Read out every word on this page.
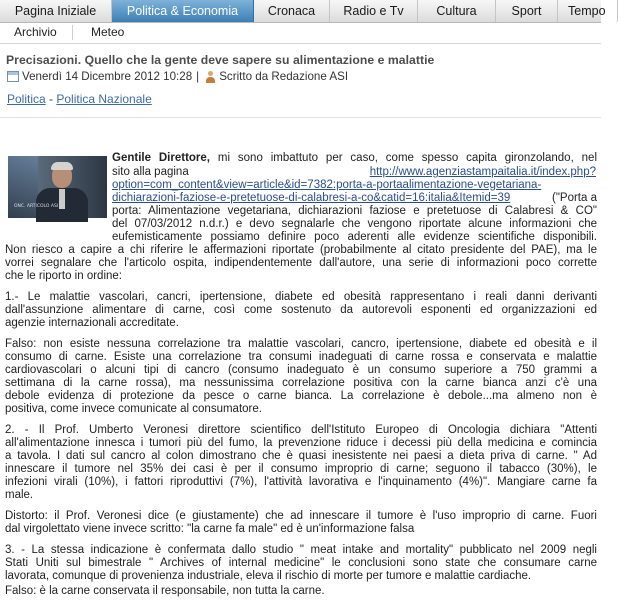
Pagina Iniziale	Politica & Economia	Cronaca	Radio e Tv	Cultura	Sport	Tempo
Archivio	Meteo
Precisazioni. Quello che la gente deve sapere su alimentazione e malattie
Venerdì 14 Dicembre 2012 10:28 | Scritto da Redazione ASI
Politica - Politica Nazionale
ONC. ARTICOLO ASI
Gentile Direttore, mi sono imbattuto per caso, come spesso capita gironzolando, nel
sito alla pagina	http://www.agenziastampaitalia.it/index.php?
option=com_content&view=article&id=7382:porta-a-portaalimentazione-vegetariana-
dichiarazioni-faziose-e-pretetuose-di-calabresi-a-co&catid=16:italia&Itemid=39	("Porta a
porta: Alimentazione vegetariana, dichiarazioni faziose e pretetuose di Calabresi & CO"
del 07/03/2012 n.d.r.) e devo segnalarle che vengono riportate alcune informazioni che
eufemisticamente possiamo definire poco aderenti alle evidenze scientifiche disponibili.
Non riesco a capire a chi riferire le affermazioni riportate (probabilmente al citato presidente del PAE), ma le
vorrei segnalare che l'articolo ospita, indipendentemente dall'autore, una serie di informazioni poco corrette
che le riporto in ordine:
1.- Le malattie vascolari, cancri, ipertensione, diabete ed obesità rappresentano i reali danni derivanti
dall'assunzione alimentare di carne, così come sostenuto da autorevoli esponenti ed organizzazioni ed
agenzie internazionali accreditate.
Falso: non esiste nessuna correlazione tra malattie vascolari, cancro, ipertensione, diabete ed obesità e il
consumo di carne. Esiste una correlazione tra consumi inadeguati di carne rossa e conservata e malattie
cardiovascolari o alcuni tipi di cancro (consumo inadeguato è un consumo superiore a 750 grammi a
settimana di la carne rossa), ma nessunissima correlazione positiva con la carne bianca anzi c'è una
debole evidenza di protezione da pesce o carne bianca. La correlazione è debole...ma almeno non è
positiva, come invece comunicate al consumatore.
2. - Il Prof. Umberto Veronesi direttore scientifico dell'Istituto Europeo di Oncologia dichiara "Attenti
all'alimentazione innesca i tumori più del fumo, la prevenzione riduce i decessi più della medicina e comincia
a tavola. I dati sul cancro al colon dimostrano che è quasi inesistente nei paesi a dieta priva di carne. " Ad
innescare il tumore nel 35% dei casi è per il consumo improprio di carne; seguono il tabacco (30%), le
infezioni virali (10%), i fattori riproduttivi (7%), l'attività lavorativa e l'inquinamento (4%)". Mangiare carne fa
male.
Distorto: il Prof. Veronesi dice (e giustamente) che ad innescare il tumore è l'uso improprio di carne. Fuori
dal virgolettato viene invece scritto: "la carne fa male" ed è un'informazione falsa
3. - La stessa indicazione è confermata dallo studio " meat intake and mortality" pubblicato nel 2009 negli
Stati Uniti sul bimestrale " Archives of internal medicine" le conclusioni sono state che consumare carne
lavorata, comunque di provenienza industriale, eleva il rischio di morte per tumore e malattie cardiache.
Falso: è la carne conservata il responsabile, non tutta la carne.
